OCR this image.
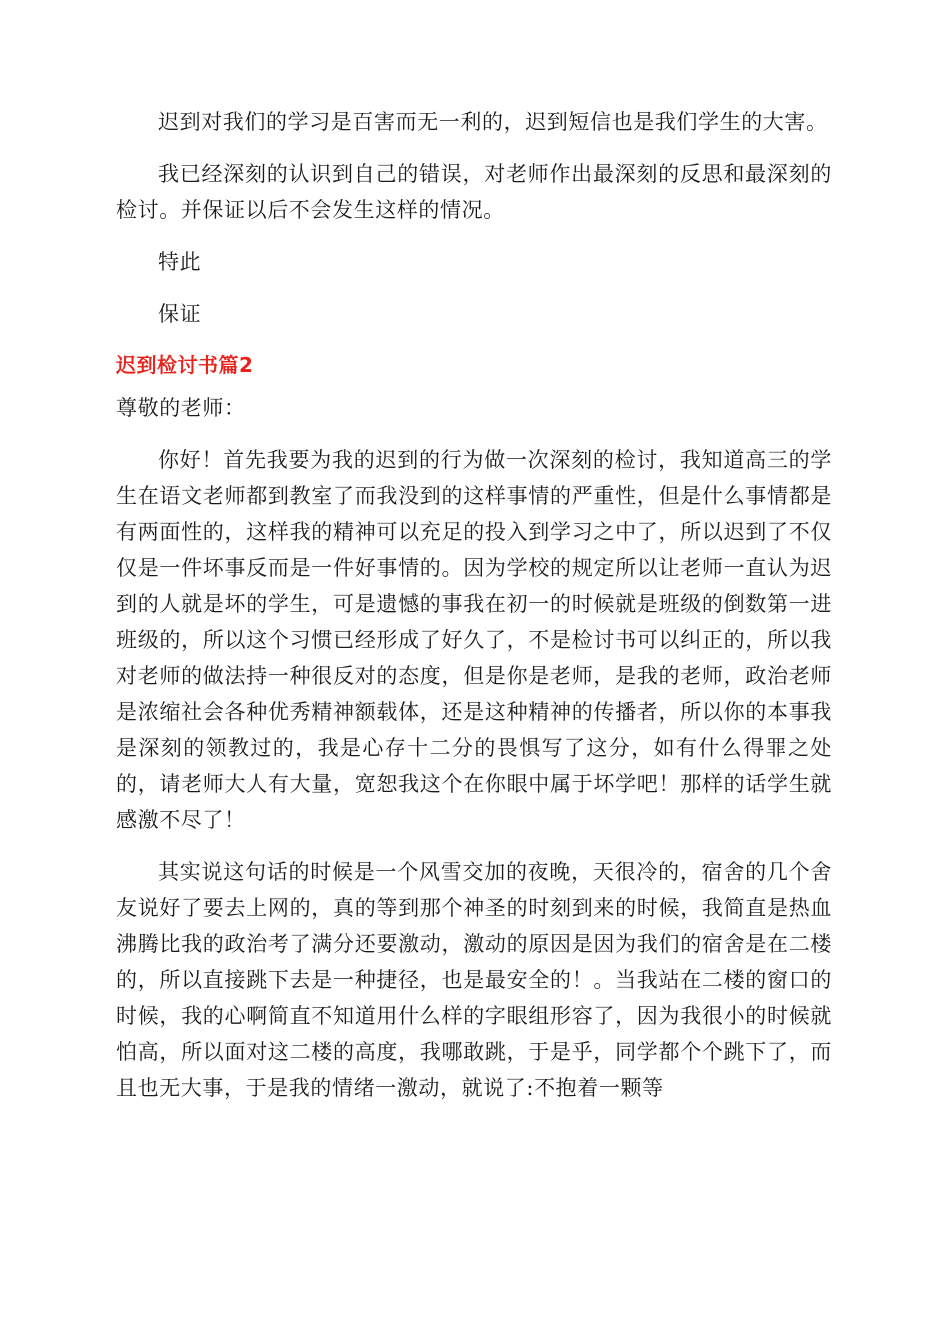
迟到对我们的学习是百害而无一利的，迟到短信也是我们学生的大害。

我已经深刻的认识到自己的错误，对老师作出最深刻的反思和最深刻的检讨。并保证以后不会发生这样的情况。

特此

保证

迟到检讨书篇2

尊敬的老师：

你好！首先我要为我的迟到的行为做一次深刻的检讨，我知道高三的学生在语文老师都到教室了而我没到的这样事情的严重性，但是什么事情都是有两面性的，这样我的精神可以充足的投入到学习之中了，所以迟到了不仅仅是一件坏事反而是一件好事情的。因为学校的规定所以让老师一直认为迟到的人就是坏的学生，可是遗憾的事我在初一的时候就是班级的倒数第一进班级的，所以这个习惯已经形成了好久了，不是检讨书可以纠正的，所以我对老师的做法持一种很反对的态度，但是你是老师，是我的老师，政治老师是浓缩社会各种优秀精神额载体，还是这种精神的传播者，所以你的本事我是深刻的领教过的，我是心存十二分的畏惧写了这分，如有什么得罪之处的，请老师大人有大量，宽恕我这个在你眼中属于坏学吧！那样的话学生就感激不尽了！

其实说这句话的时候是一个风雪交加的夜晚，天很冷的，宿舍的几个舍友说好了要去上网的，真的等到那个神圣的时刻到来的时候，我简直是热血沸腾比我的政治考了满分还要激动，激动的原因是因为我们的宿舍是在二楼的，所以直接跳下去是一种捷径，也是最安全的！。当我站在二楼的窗口的时候，我的心啊简直不知道用什么样的字眼组形容了，因为我很小的时候就怕高，所以面对这二楼的高度，我哪敢跳，于是乎，同学都个个跳下了，而且也无大事，于是我的情绪一激动，就说了:不抱着一颗等
